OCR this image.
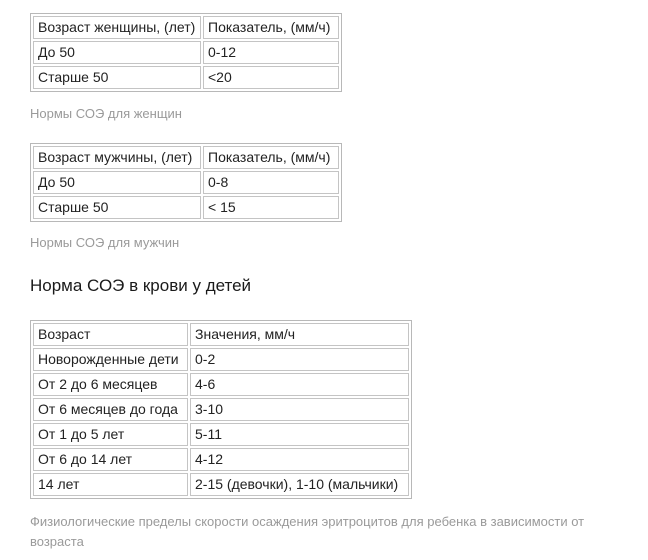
Возраст женщины, (лет)	Показатель, (мм/ч)
До 50	0-12
Старше 50	<20
Нормы СОЭ для женщин
Возраст мужчины, (лет)	Показатель, (мм/ч)
До 50	0-8
Старше 50	< 15
Нормы СОЭ для мужчин
Норма СОЭ в крови у детей
Возраст	Значения, мм/ч
Новорожденные дети	0-2
От 2 до 6 месяцев	4-6
От 6 месяцев до года	3-10
От 1 до 5 лет	5-11
От 6 до 14 лет	4-12
14 лет	2-15 (девочки), 1-10 (мальчики)
Физиологические пределы скорости осаждения эритроцитов для ребенка в зависимости от возраста
